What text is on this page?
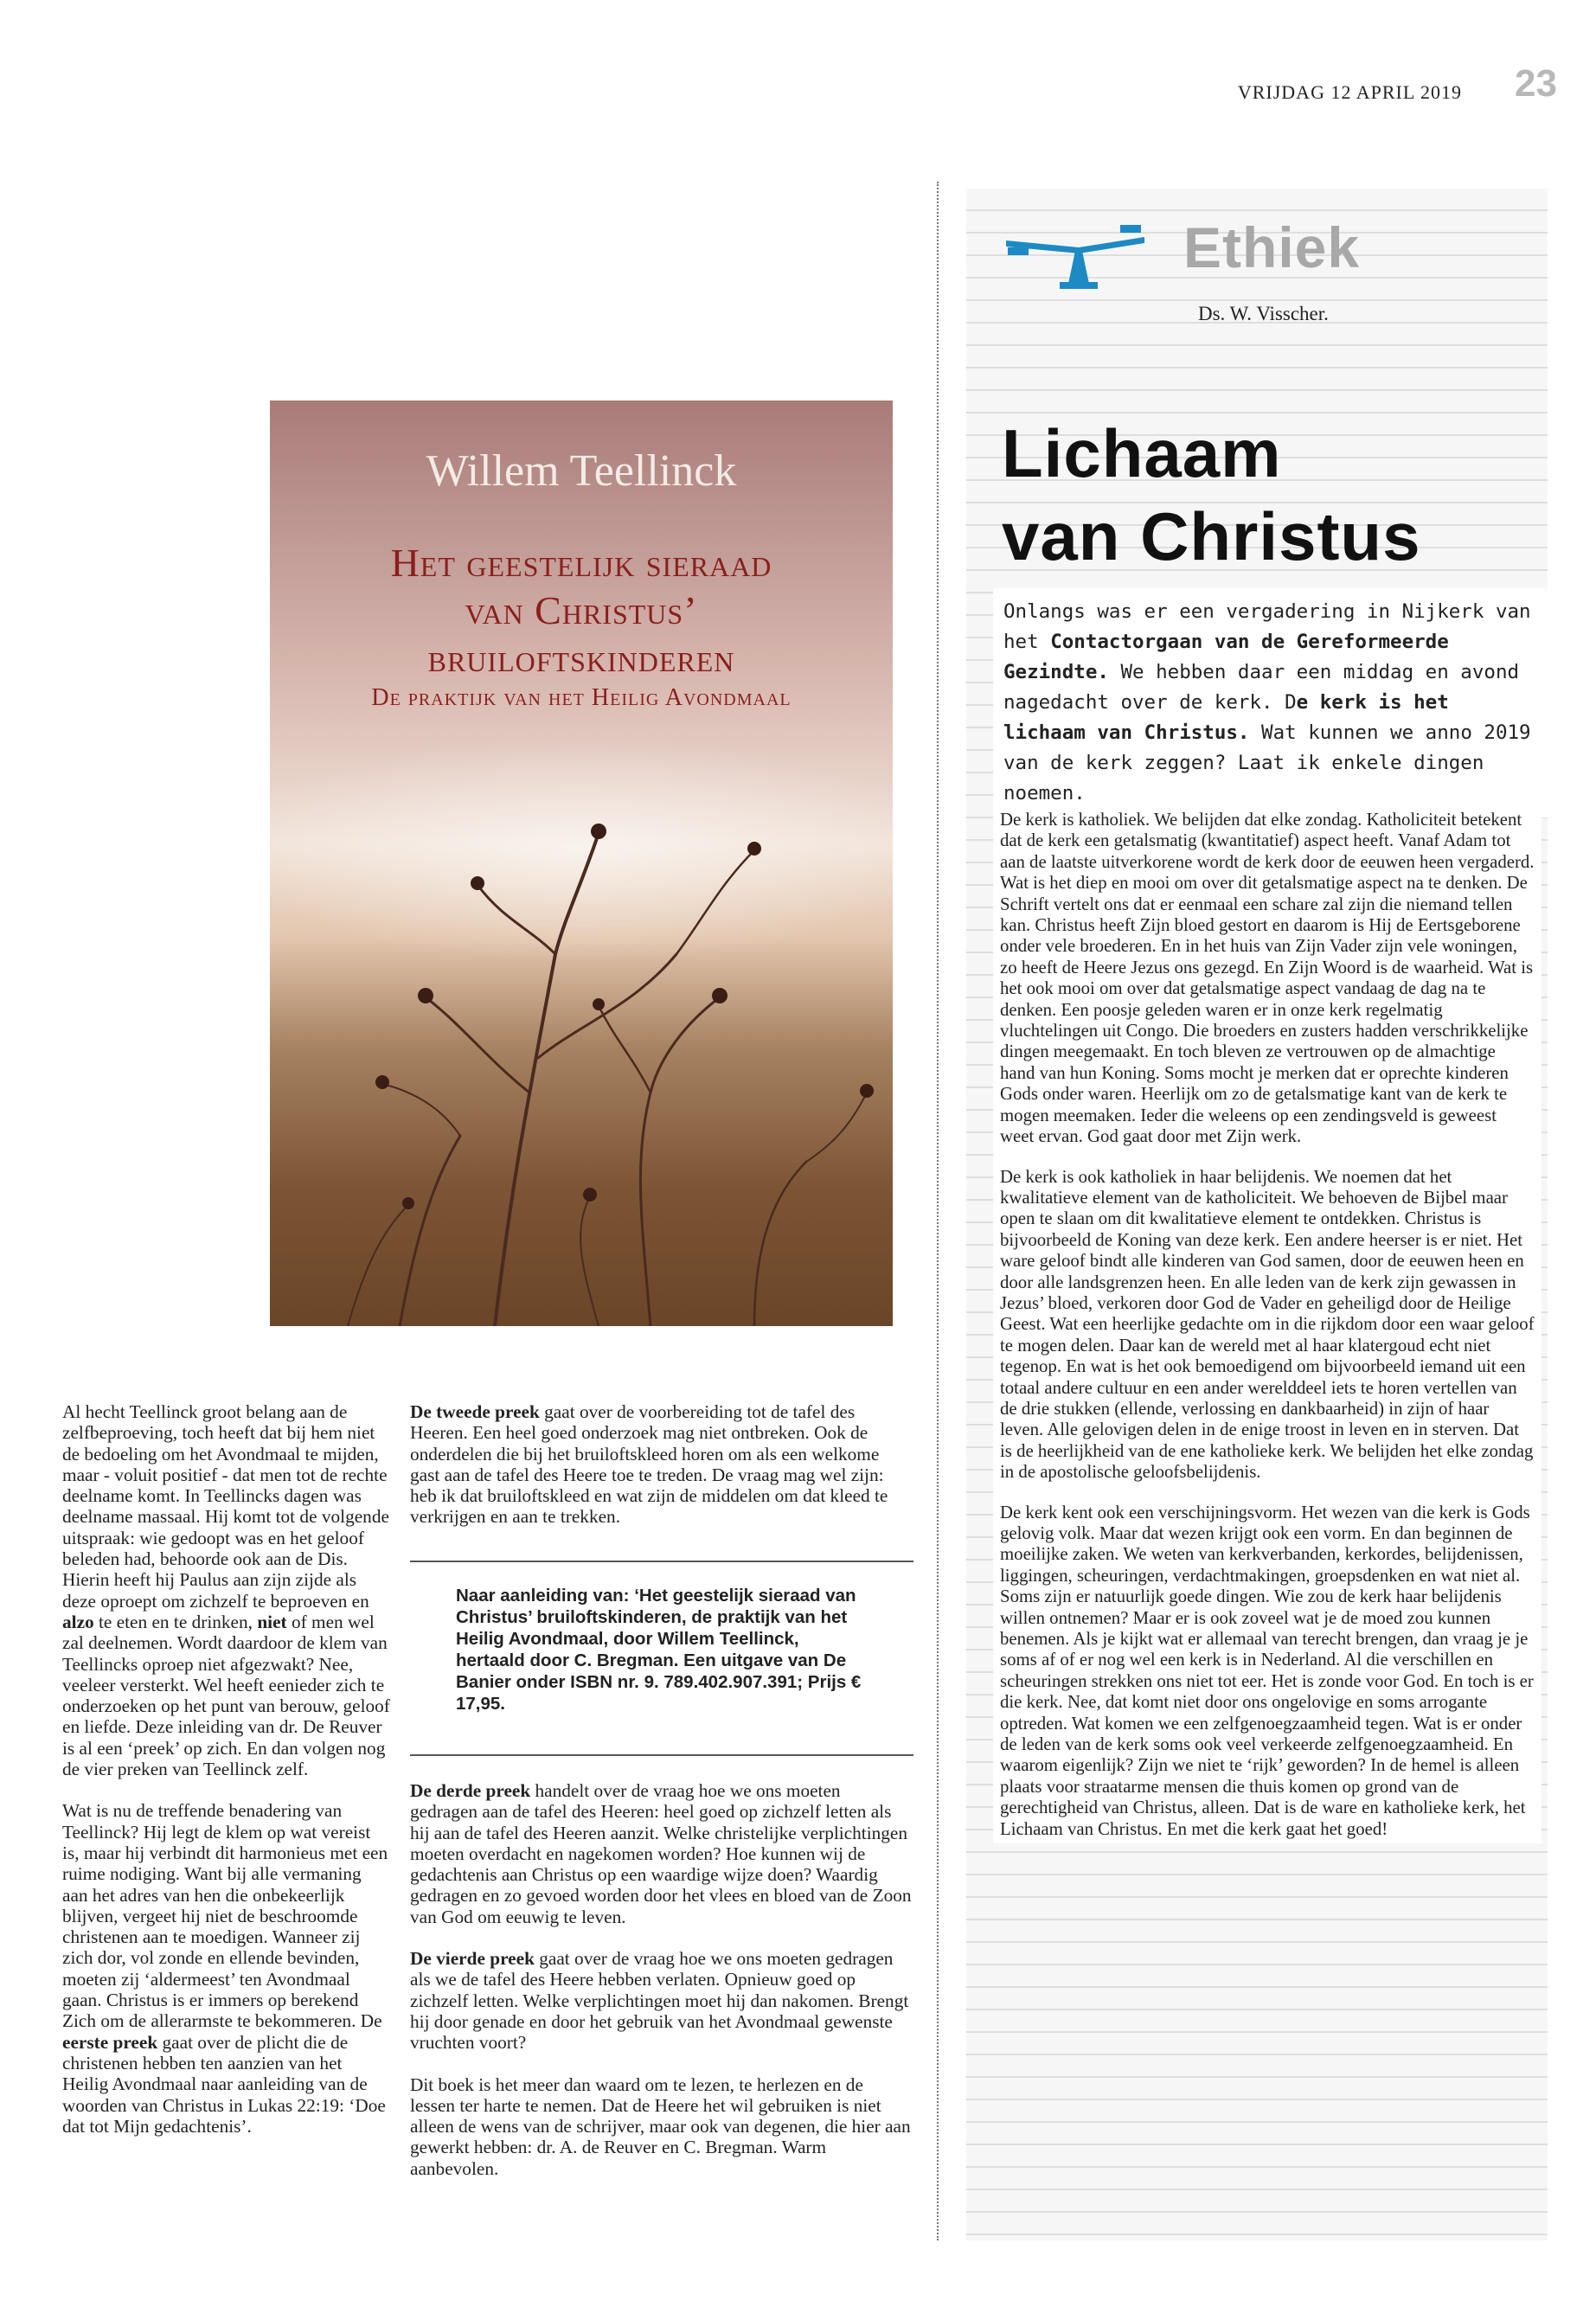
VRIJDAG 12 APRIL 2019	23
Ethiek
Ds. W. Visscher.
Lichaam
van Christus
Onlangs was er een vergadering in Nijkerk van het Contactorgaan van de Gereformeerde Gezindte. We hebben daar een middag en avond nagedacht over de kerk. De kerk is het lichaam van Christus. Wat kunnen we anno 2019 van de kerk zeggen? Laat ik enkele dingen noemen.

De kerk is katholiek. We belijden dat elke zondag. Katholiciteit betekent dat de kerk een getalsmatig (kwantitatief) aspect heeft. Vanaf Adam tot aan de laatste uitverkorene wordt de kerk door de eeuwen heen vergaderd. Wat is het diep en mooi om over dit getalsmatige aspect na te denken. De Schrift vertelt ons dat er eenmaal een schare zal zijn die niemand tellen kan. Christus heeft Zijn bloed gestort en daarom is Hij de Eertsgeborene onder vele broederen. En in het huis van Zijn Vader zijn vele woningen, zo heeft de Heere Jezus ons gezegd. En Zijn Woord is de waarheid. Wat is het ook mooi om over dat getalsmatige aspect vandaag de dag na te denken. Een poosje geleden waren er in onze kerk regelmatig vluchtelingen uit Congo. Die broeders en zusters hadden verschrikkelijke dingen meegemaakt. En toch bleven ze vertrouwen op de almachtige hand van hun Koning. Soms mocht je merken dat er oprechte kinderen Gods onder waren. Heerlijk om zo de getalsmatige kant van de kerk te mogen meemaken. Ieder die weleens op een zendingsveld is geweest weet ervan. God gaat door met Zijn werk.

De kerk is ook katholiek in haar belijdenis. We noemen dat het kwalitatieve element van de katholiciteit. We behoeven de Bijbel maar open te slaan om dit kwalitatieve element te ontdekken. Christus is bijvoorbeeld de Koning van deze kerk. Een andere heerser is er niet. Het ware geloof bindt alle kinderen van God samen, door de eeuwen heen en door alle landsgrenzen heen. En alle leden van de kerk zijn gewassen in Jezus’ bloed, verkoren door God de Vader en geheiligd door de Heilige Geest. Wat een heerlijke gedachte om in die rijkdom door een waar geloof te mogen delen. Daar kan de wereld met al haar klatergoud echt niet tegenop. En wat is het ook bemoedigend om bijvoorbeeld iemand uit een totaal andere cultuur en een ander werelddeel iets te horen vertellen van de drie stukken (ellende, verlossing en dankbaarheid) in zijn of haar leven. Alle gelovigen delen in de enige troost in leven en in sterven. Dat is de heerlijkheid van de ene katholieke kerk. We belijden het elke zondag in de apostolische geloofsbelijdenis.

De kerk kent ook een verschijningsvorm. Het wezen van die kerk is Gods gelovig volk. Maar dat wezen krijgt ook een vorm. En dan beginnen de moeilijke zaken. We weten van kerkverbanden, kerkordes, belijdenissen, liggingen, scheuringen, verdachtmakingen, groepsdenken en wat niet al. Soms zijn er natuurlijk goede dingen. Wie zou de kerk haar belijdenis willen ontnemen? Maar er is ook zoveel wat je de moed zou kunnen benemen. Als je kijkt wat er allemaal van terecht brengen, dan vraag je je soms af of er nog wel een kerk is in Nederland. Al die verschillen en scheuringen strekken ons niet tot eer. Het is zonde voor God. En toch is er die kerk. Nee, dat komt niet door ons ongelovige en soms arrogante optreden. Wat komen we een zelfgenoegzaamheid tegen. Wat is er onder de leden van de kerk soms ook veel verkeerde zelfgenoegzaamheid. En waarom eigenlijk? Zijn we niet te ‘rijk’ geworden? In de hemel is alleen plaats voor straatarme mensen die thuis komen op grond van de gerechtigheid van Christus, alleen. Dat is de ware en katholieke kerk, het Lichaam van Christus. En met die kerk gaat het goed!

Willem Teellinck
Het geestelijk sieraad
van Christus’
bruiloftskinderen
De praktijk van het Heilig Avondmaal

Al hecht Teellinck groot belang aan de zelfbeproeving, toch heeft dat bij hem niet de bedoeling om het Avondmaal te mijden, maar - voluit positief - dat men tot de rechte deelname komt. In Teellincks dagen was deelname massaal. Hij komt tot de volgende uitspraak: wie gedoopt was en het geloof beleden had, behoorde ook aan de Dis. Hierin heeft hij Paulus aan zijn zijde als deze oproept om zichzelf te beproeven en alzo te eten en te drinken, niet of men wel zal deelnemen. Wordt daardoor de klem van Teellincks oproep niet afgezwakt? Nee, veeleer versterkt. Wel heeft eenieder zich te onderzoeken op het punt van berouw, geloof en liefde. Deze inleiding van dr. De Reuver is al een ‘preek’ op zich. En dan volgen nog de vier preken van Teellinck zelf.

Wat is nu de treffende benadering van Teellinck? Hij legt de klem op wat vereist is, maar hij verbindt dit harmonieus met een ruime nodiging. Want bij alle vermaning aan het adres van hen die onbekeerlijk blijven, vergeet hij niet de beschroomde christenen aan te moedigen. Wanneer zij zich dor, vol zonde en ellende bevinden, moeten zij ‘aldermeest’ ten Avondmaal gaan. Christus is er immers op berekend Zich om de allerarmste te bekommeren. De eerste preek gaat over de plicht die de christenen hebben ten aanzien van het Heilig Avondmaal naar aanleiding van de woorden van Christus in Lukas 22:19: ‘Doe dat tot Mijn gedachtenis’.

De tweede preek gaat over de voorbereiding tot de tafel des Heeren. Een heel goed onderzoek mag niet ontbreken. Ook de onderdelen die bij het bruiloftskleed horen om als een welkome gast aan de tafel des Heere toe te treden. De vraag mag wel zijn: heb ik dat bruiloftskleed en wat zijn de middelen om dat kleed te verkrijgen en aan te trekken.

Naar aanleiding van: ‘Het geestelijk sieraad van Christus’ bruiloftskinderen, de praktijk van het Heilig Avondmaal, door Willem Teellinck, hertaald door C. Bregman. Een uitgave van De Banier onder ISBN nr. 9. 789.402.907.391; Prijs € 17,95.

De derde preek handelt over de vraag hoe we ons moeten gedragen aan de tafel des Heeren: heel goed op zichzelf letten als hij aan de tafel des Heeren aanzit. Welke christelijke verplichtingen moeten overdacht en nagekomen worden? Hoe kunnen wij de gedachtenis aan Christus op een waardige wijze doen? Waardig gedragen en zo gevoed worden door het vlees en bloed van de Zoon van God om eeuwig te leven.

De vierde preek gaat over de vraag hoe we ons moeten gedragen als we de tafel des Heere hebben verlaten. Opnieuw goed op zichzelf letten. Welke verplichtingen moet hij dan nakomen. Brengt hij door genade en door het gebruik van het Avondmaal gewenste vruchten voort?

Dit boek is het meer dan waard om te lezen, te herlezen en de lessen ter harte te nemen. Dat de Heere het wil gebruiken is niet alleen de wens van de schrijver, maar ook van degenen, die hier aan gewerkt hebben: dr. A. de Reuver en C. Bregman. Warm aanbevolen.
